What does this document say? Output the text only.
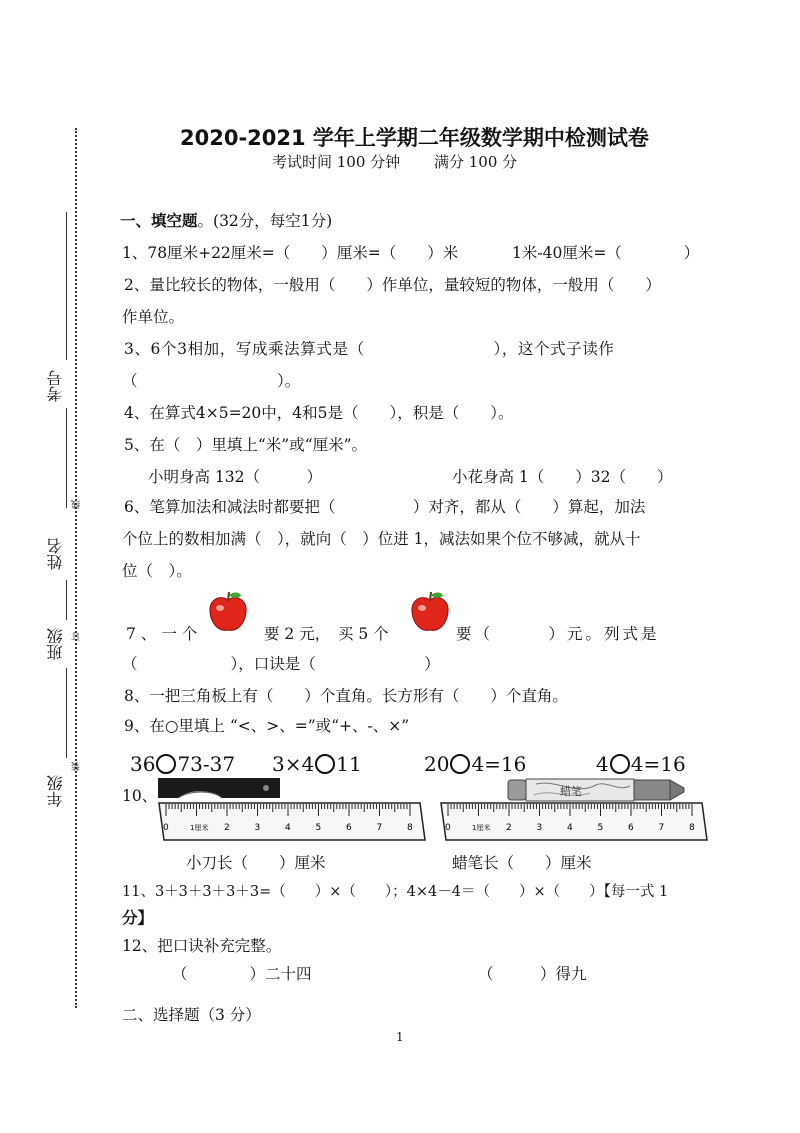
考号
线
姓名
班级 订
装
年级
2020-2021 学年上学期二年级数学期中检测试卷
考试时间 100 分钟 满分 100 分
一、填空题。(32分，每空1分)
1、78厘米+22厘米=（　　）厘米=（　　）米	1米-40厘米=（　　　　）
2、量比较长的物体，一般用（　　）作单位，量较短的物体，一般用（　　）
作单位。
3、6个3相加，写成乘法算式是（　　　　　　　　），这个式子读作
（　　　　　　　　　）。
4、在算式4×5=20中，4和5是（　　），积是（　　）。
5、在（　）里填上“米”或“厘米”。
小明身高 132（　　　）	小花身高 1（　　）32（　　）
6、笔算加法和减法时都要把（　　　　　）对齐，都从（　　）算起，加法
个位上的数相加满（　），就向（　）位进 1，减法如果个位不够减，就从十
位（　）。
7、一个	要 2 元，　买 5 个	要（　　　）元。列式是
（　　　　　　），口诀是（　　　　　　　）
8、一把三角板上有（　　）个直角。长方形有（　　）个直角。
9、在○里填上 “<、>、=”或“+、-、×”
36 73-37 3×4 11	20 4=16	4 4=16
10、
1厘米
0	2	3	4	5	6	7	8
蜡笔
1厘米
0	2	3	4	5	6	7	8
小刀长（　　）厘米	蜡笔长（　　）厘米
11、3＋3＋3＋3＋3=（　　）×（　　）；4×4－4＝（　　）×（　　）【每一式 1
分】
12、把口诀补充完整。
（　　　　）二十四	（　　　）得九
二、选择题（3 分）
1
